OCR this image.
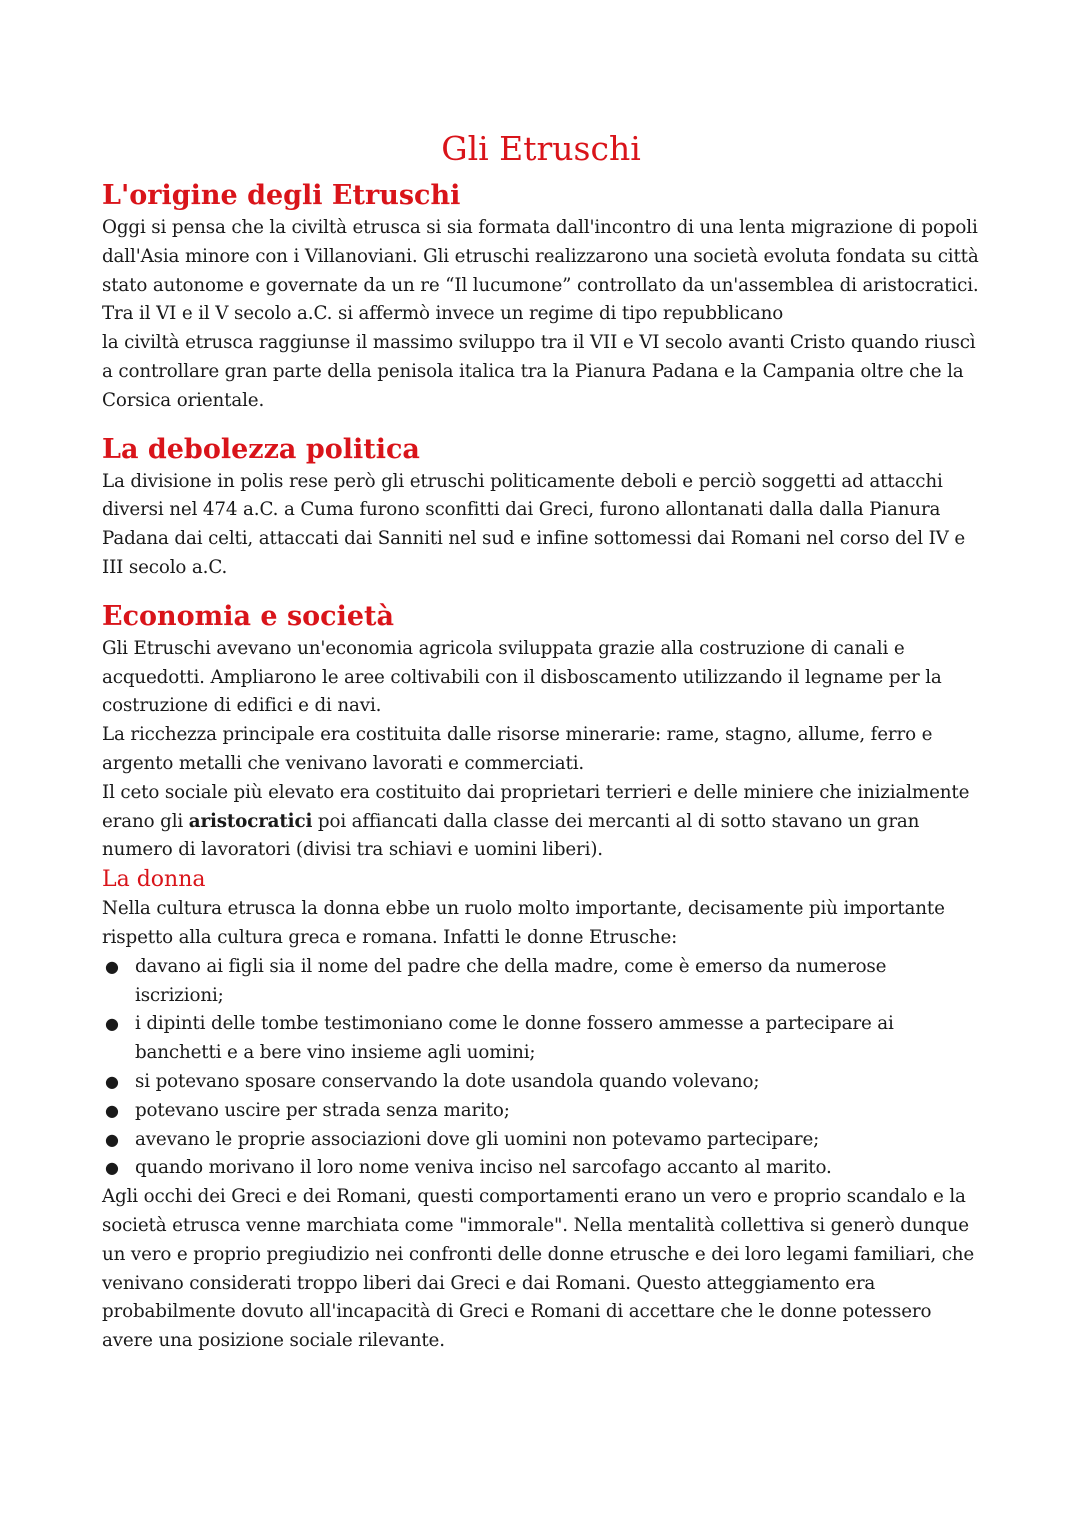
Gli Etruschi
L'origine degli Etruschi

Oggi si pensa che la civiltà etrusca si sia formata dall'incontro di una lenta migrazione di popoli dall'Asia minore con i Villanoviani. Gli etruschi realizzarono una società evoluta fondata su città stato autonome e governate da un re “Il lucumone” controllato da un'assemblea di aristocratici. Tra il VI e il V secolo a.C. si affermò invece un regime di tipo repubblicano

la civiltà etrusca raggiunse il massimo sviluppo tra il VII e VI secolo avanti Cristo quando riuscì a controllare gran parte della penisola italica tra la Pianura Padana e la Campania oltre che la Corsica orientale.

La debolezza politica

La divisione in polis rese però gli etruschi politicamente deboli e perciò soggetti ad attacchi diversi nel 474 a.C. a Cuma furono sconfitti dai Greci, furono allontanati dalla dalla Pianura Padana dai celti, attaccati dai Sanniti nel sud e infine sottomessi dai Romani nel corso del IV e III secolo a.C.

Economia e società

Gli Etruschi avevano un'economia agricola sviluppata grazie alla costruzione di canali e acquedotti. Ampliarono le aree coltivabili con il disboscamento utilizzando il legname per la costruzione di edifici e di navi.

La ricchezza principale era costituita dalle risorse minerarie: rame, stagno, allume, ferro e argento metalli che venivano lavorati e commerciati.

Il ceto sociale più elevato era costituito dai proprietari terrieri e delle miniere che inizialmente erano gli aristocratici poi affiancati dalla classe dei mercanti al di sotto stavano un gran numero di lavoratori (divisi tra schiavi e uomini liberi).

La donna

Nella cultura etrusca la donna ebbe un ruolo molto importante, decisamente più importante rispetto alla cultura greca e romana. Infatti le donne Etrusche:

● davano ai figli sia il nome del padre che della madre, come è emerso da numerose iscrizioni;
● i dipinti delle tombe testimoniano come le donne fossero ammesse a partecipare ai banchetti e a bere vino insieme agli uomini;
● si potevano sposare conservando la dote usandola quando volevano;
● potevano uscire per strada senza marito;
● avevano le proprie associazioni dove gli uomini non potevamo partecipare;
● quando morivano il loro nome veniva inciso nel sarcofago accanto al marito.

Agli occhi dei Greci e dei Romani, questi comportamenti erano un vero e proprio scandalo e la società etrusca venne marchiata come "immorale". Nella mentalità collettiva si generò dunque un vero e proprio pregiudizio nei confronti delle donne etrusche e dei loro legami familiari, che venivano considerati troppo liberi dai Greci e dai Romani. Questo atteggiamento era probabilmente dovuto all'incapacità di Greci e Romani di accettare che le donne potessero avere una posizione sociale rilevante.
